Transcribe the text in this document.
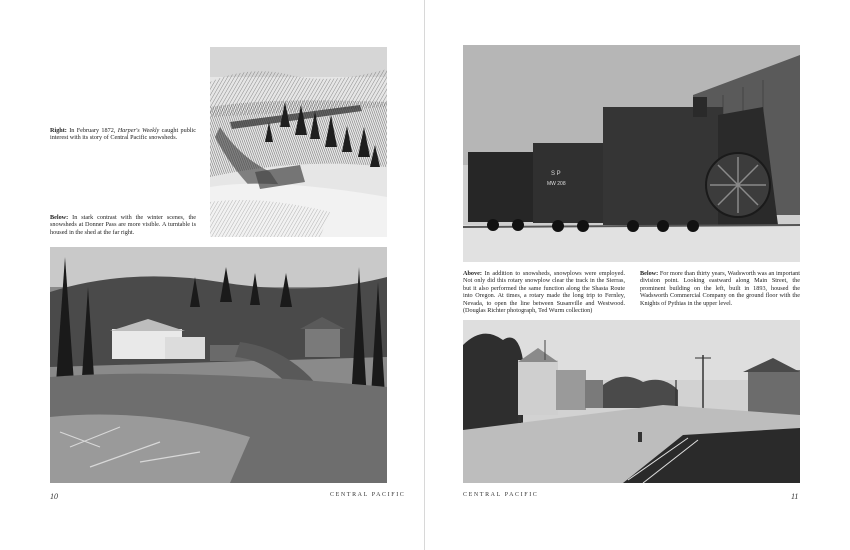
Right: In February 1872, Harper's Weekly caught public interest with its story of Central Pacific snowsheds.
Below: In stark contrast with the winter scenes, the snowsheds at Donner Pass are more visible. A turntable is housed in the shed at the far right.
10	CENTRAL PACIFIC
S P
MW 208
Above: In addition to snowsheds, snowplows were employed. Not only did this rotary snowplow clear the track in the Sierras, but it also performed the same function along the Shasta Route into Oregon. At times, a rotary made the long trip to Fernley, Nevada, to open the line between Susanville and Westwood. (Douglas Richter photograph, Ted Wurm collection)
Below: For more than thirty years, Wadsworth was an important division point. Looking eastward along Main Street, the prominent building on the left, built in 1893, housed the Wadsworth Commercial Company on the ground floor with the Knights of Pythias in the upper level.
CENTRAL PACIFIC	11
